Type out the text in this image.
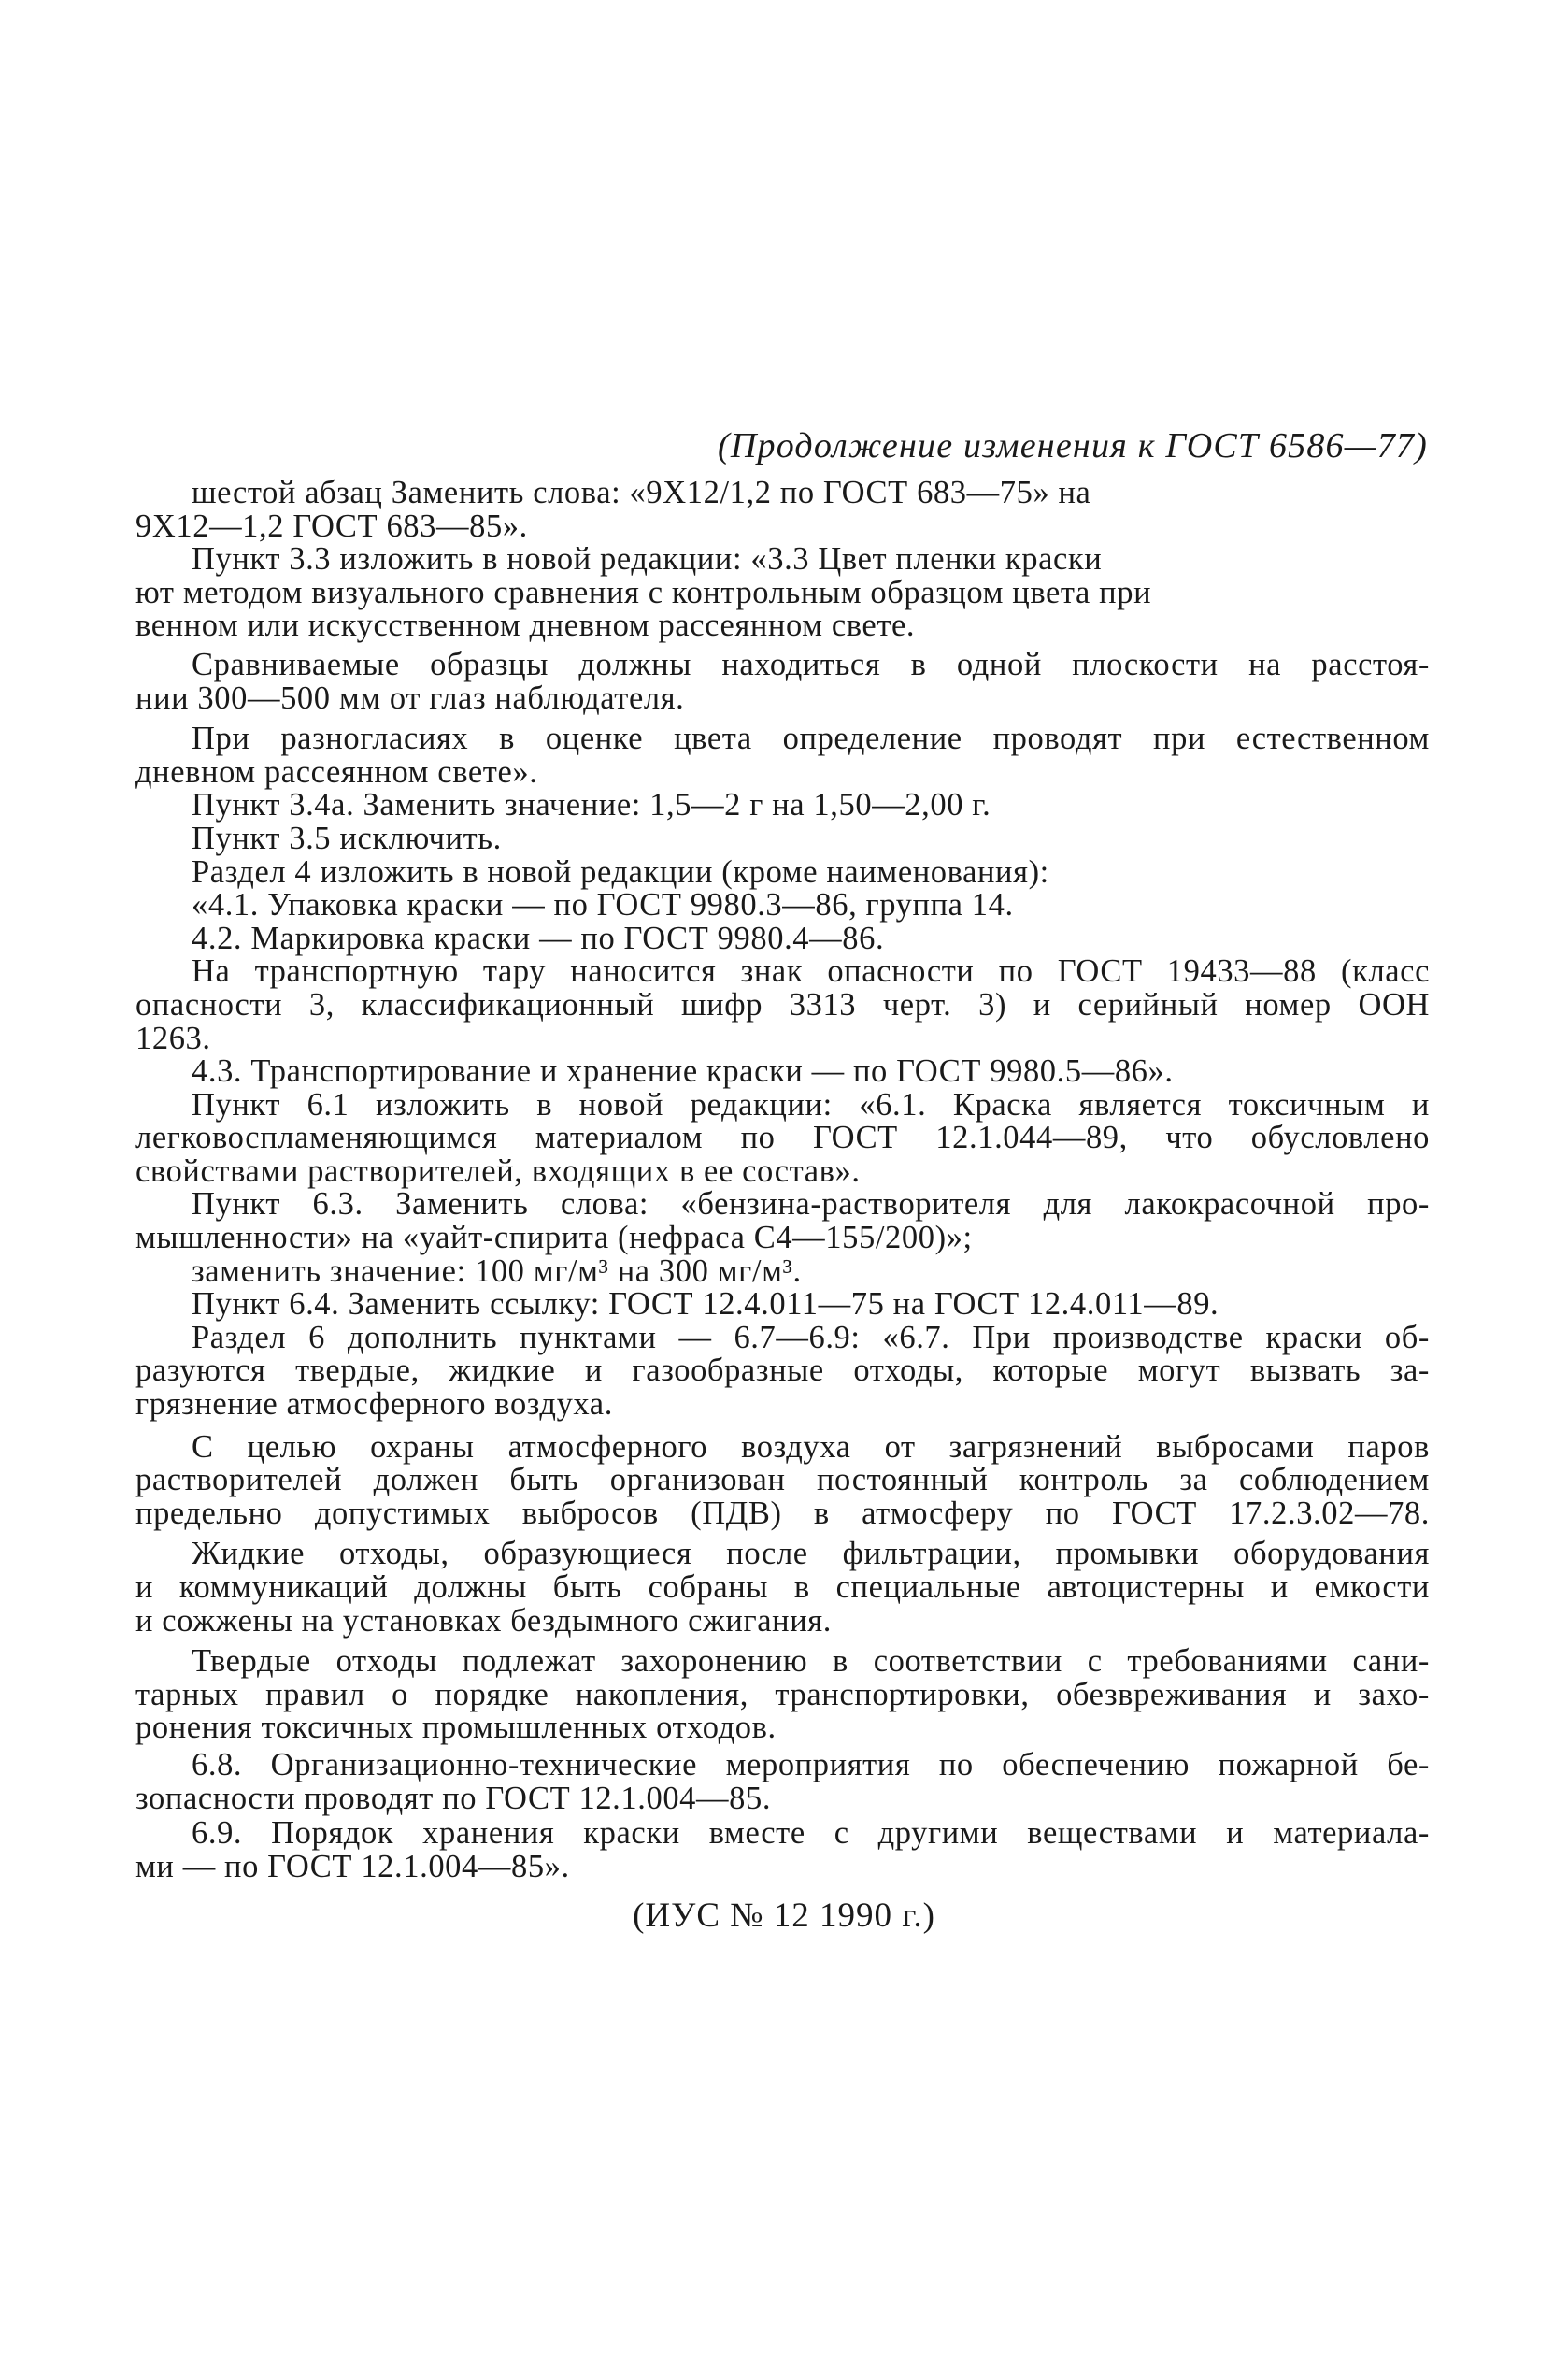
(Продолжение изменения к ГОСТ 6586—77)
шестой абзац Заменить слова: «9Х12/1,2 по ГОСТ 683—75» на
9Х12—1,2 ГОСТ 683—85».
Пункт 3.3 изложить в новой редакции: «3.3 Цвет пленки краски
ют методом визуального сравнения с контрольным образцом цвета при
венном или искусственном дневном рассеянном свете.
Сравниваемые образцы должны находиться в одной плоскости на расстоя-
нии 300—500 мм от глаз наблюдателя.
При разногласиях в оценке цвета определение проводят при естественном
дневном рассеянном свете».
Пункт 3.4а. Заменить значение: 1,5—2 г на 1,50—2,00 г.
Пункт 3.5 исключить.
Раздел 4 изложить в новой редакции (кроме наименования):
«4.1. Упаковка краски — по ГОСТ 9980.3—86, группа 14.
4.2. Маркировка краски — по ГОСТ 9980.4—86.
На транспортную тару наносится знак опасности по ГОСТ 19433—88 (класс
опасности 3, классификационный шифр 3313 черт. 3) и серийный номер ООН
1263.
4.3. Транспортирование и хранение краски — по ГОСТ 9980.5—86».
Пункт 6.1 изложить в новой редакции: «6.1. Краска является токсичным и
легковоспламеняющимся материалом по ГОСТ 12.1.044—89, что обусловлено
свойствами растворителей, входящих в ее состав».
Пункт 6.3. Заменить слова: «бензина-растворителя для лакокрасочной про-
мышленности» на «уайт-спирита (нефраса С4—155/200)»;
заменить значение: 100 мг/м³ на 300 мг/м³.
Пункт 6.4. Заменить ссылку: ГОСТ 12.4.011—75 на ГОСТ 12.4.011—89.
Раздел 6 дополнить пунктами — 6.7—6.9: «6.7. При производстве краски об-
разуются твердые, жидкие и газообразные отходы, которые могут вызвать за-
грязнение атмосферного воздуха.
С целью охраны атмосферного воздуха от загрязнений выбросами паров
растворителей должен быть организован постоянный контроль за соблюдением
предельно допустимых выбросов (ПДВ) в атмосферу по ГОСТ 17.2.3.02—78.
Жидкие отходы, образующиеся после фильтрации, промывки оборудования
и коммуникаций должны быть собраны в специальные автоцистерны и емкости
и сожжены на установках бездымного сжигания.
Твердые отходы подлежат захоронению в соответствии с требованиями сани-
тарных правил о порядке накопления, транспортировки, обезвреживания и захо-
ронения токсичных промышленных отходов.
6.8. Организационно-технические мероприятия по обеспечению пожарной бе-
зопасности проводят по ГОСТ 12.1.004—85.
6.9. Порядок хранения краски вместе с другими веществами и материала-
ми — по ГОСТ 12.1.004—85».
(ИУС № 12 1990 г.)
